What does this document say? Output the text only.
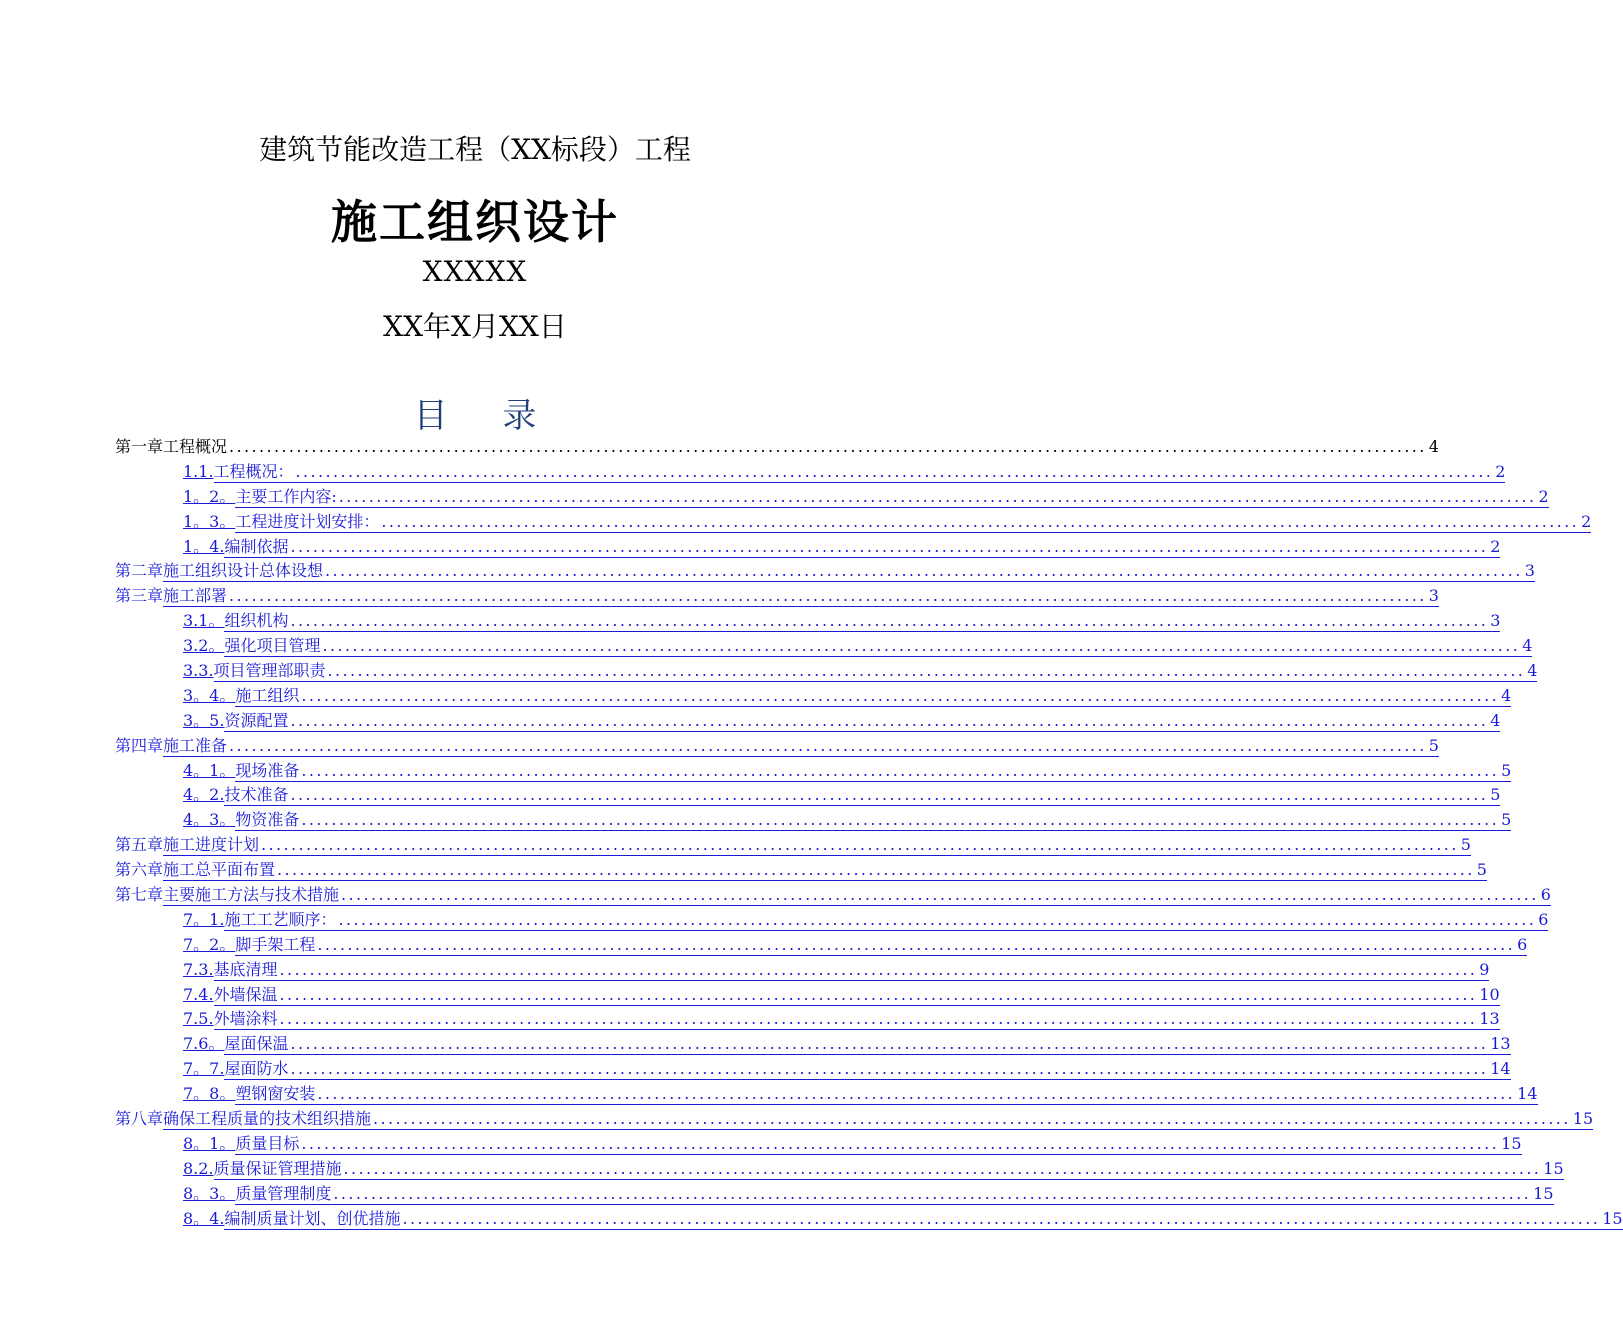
建筑节能改造工程（XX标段）工程
施工组织设计
XXXXX
XX年X月XX日
目 录
第一章 工程概况 .....	4
1.1. 工程概况： .....	2
1。2。 主要工作内容: .....	2
1。3。 工程进度计划安排： .....	2
1。4. 编制依据 .....	2
第二章 施工组织设计总体设想 .....	3
第三章 施工部署 .....	3
3.1。 组织机构 .....	3
3.2。 强化项目管理 .....	4
3.3. 项目管理部职责 .....	4
3。4。 施工组织 .....	4
3。5. 资源配置 .....	4
第四章 施工准备 .....	5
4。1。 现场准备 .....	5
4。2. 技术准备 .....	5
4。3。 物资准备 .....	5
第五章 施工进度计划 .....	5
第六章 施工总平面布置 .....	5
第七章 主要施工方法与技术措施 .....	6
7。1. 施工工艺顺序： .....	6
7。2。 脚手架工程 .....	6
7.3. 基底清理 .....	9
7.4. 外墙保温 .....	10
7.5. 外墙涂料 .....	13
7.6。 屋面保温 .....	13
7。7. 屋面防水 .....	14
7。8。 塑钢窗安装 .....	14
第八章 确保工程质量的技术组织措施 .....	15
8。1。 质量目标 .....	15
8.2. 质量保证管理措施 .....	15
8。3。 质量管理制度 .....	15
8。4. 编制质量计划、创优措施 .....	15
